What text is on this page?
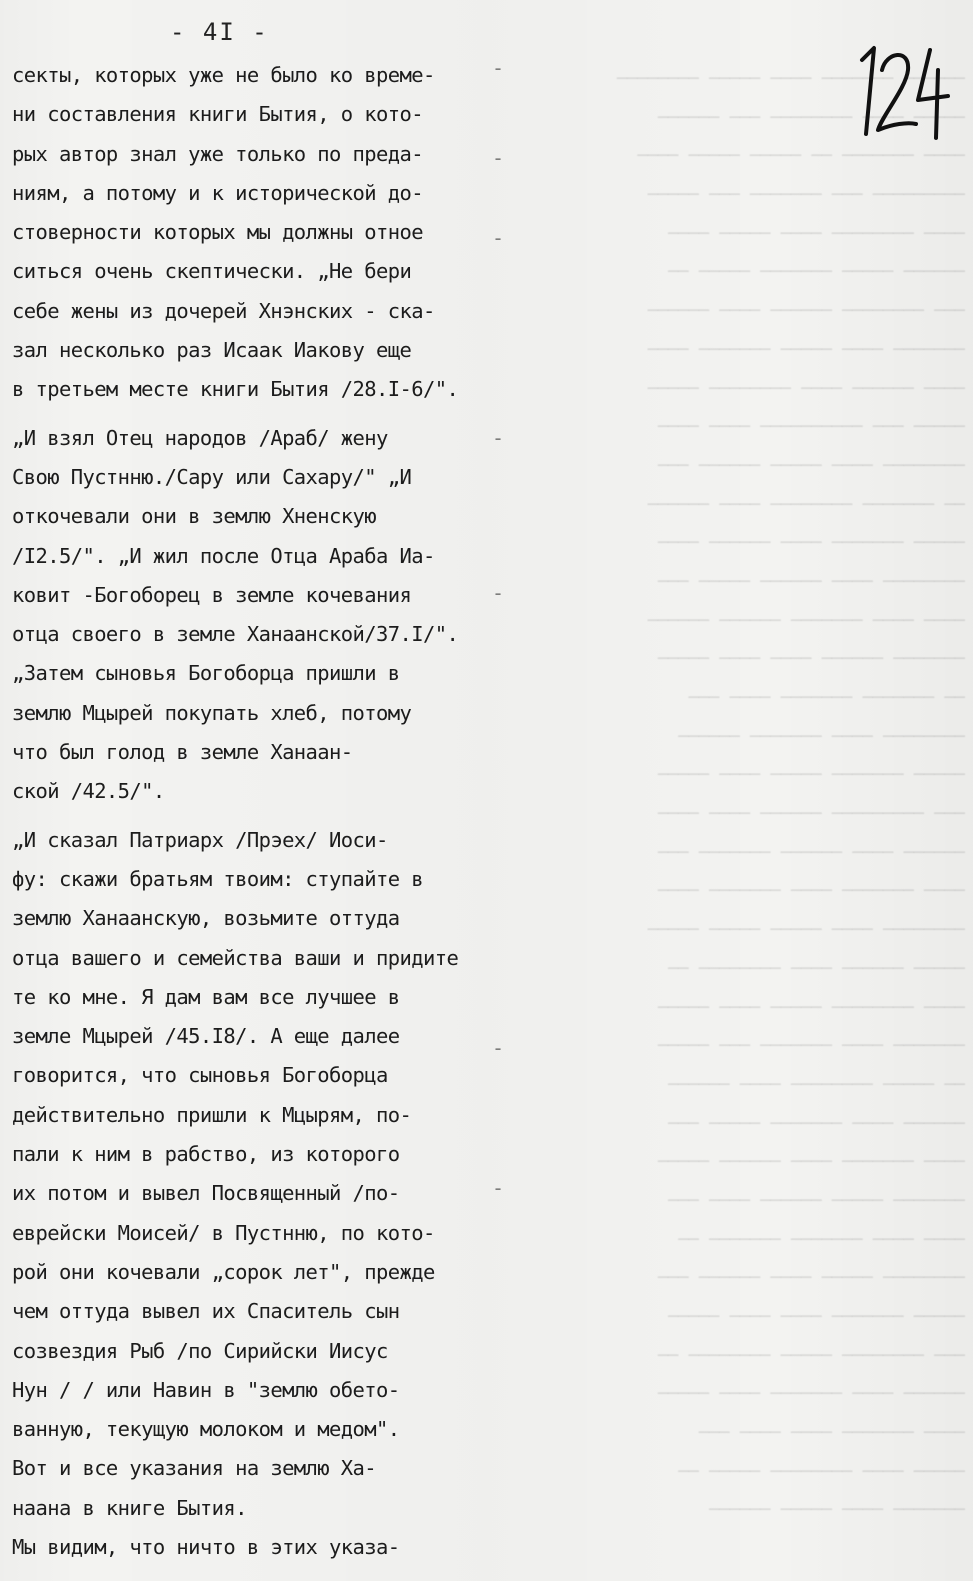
────── ─────── ──── ───── ────────
───── ──── ──────── ─── ──────
──── ─────── ── ───── ───── ────
───────── ─── ─────── ─── ─────
──── ──────── ──── ───── ────
────── ───── ─────── ───── ──
─── ──────── ────── ──── ──────
─────── ──── ───── ─────── ────
──── ────── ──── ──────── ─────
───── ─── ────────── ──── ────
──────── ──── ───── ────── ───
── ─────── ──────── ──── ──────
───── ─────── ──── ────── ────
──────── ──── ────── ───── ───
──── ──── ─────── ────── ──────
─────── ────── ──── ──── ─────
── ─────── ─────── ──── ───
──────── ──── ─────── ──────
───── ─────── ───── ──── ─────
─── ───────── ────── ──── ────
────── ──── ────── ─────── ───
──── ─────── ──── ─────── ────
──────── ──── ───── ───── ─────
───── ────── ──── ──────── ──
──── ──────── ───── ──── ─────
─────── ──── ─────── ─── ─────
── ───── ──────── ──── ──────
────── ──── ─────── ───── ───
──── ─────── ──── ────── ─────
─────── ───── ────── ──── ───
──── ──── ─────── ─────── ──
──────── ───── ──── ────── ───
───── ─────── ──── ──── ─────
─── ──────── ───── ──────── ──
────── ──── ─────── ──── ─────
──── ─────── ──── ──── ───
───── ──── ──────── ───── ──
─────── ──── ───── ──────
- 4I -
-
-
-
-
-
-
-
секты, которых уже не было ко време-
ни составления книги Бытия, о кото-
рых автор знал уже только по преда-
ниям, а потому и к исторической до-
стоверности которых мы должны отное
ситься очень скептически. „Не бери
себе жены из дочерей Хнэнских - ска-
зал несколько раз Исаак Иакову еще
в третьем месте книги Бытия /28.I-6/".
„И взял Отец народов /Араб/ жену
Свою Пустнню./Сару или Сахару/" „И
откочевали они в землю Хненскую
/I2.5/". „И жил после Отца Араба Иа-
ковит -Богоборец в земле кочевания
отца своего в земле Ханаанской/37.I/".
„Затем сыновья Богоборца пришли в
землю Мцырей покупать хлеб, потому
что был голод в земле Ханаан-
ской /42.5/".
„И сказал Патриарх /Прэех/ Иоси-
фу: скажи братьям твоим: ступайте в
землю Ханаанскую, возьмите оттуда
отца вашего и семейства ваши и придите
те ко мне. Я дам вам все лучшее в
земле Мцырей /45.I8/. А еще далее
говорится, что сыновья Богоборца
действительно пришли к Мцырям, по-
пали к ним в рабство, из которого
их потом и вывел Посвященный /по-
еврейски Моисей/ в Пустнню, по кото-
рой они кочевали „сорок лет", прежде
чем оттуда вывел их Спаситель сын
созвездия Рыб /по Сирийски Иисус
Нун / / или Навин в "землю обето-
ванную, текущую молоком и медом".
Вот и все указания на землю Ха-
наана в книге Бытия.
Мы видим, что ничто в этих указа-
